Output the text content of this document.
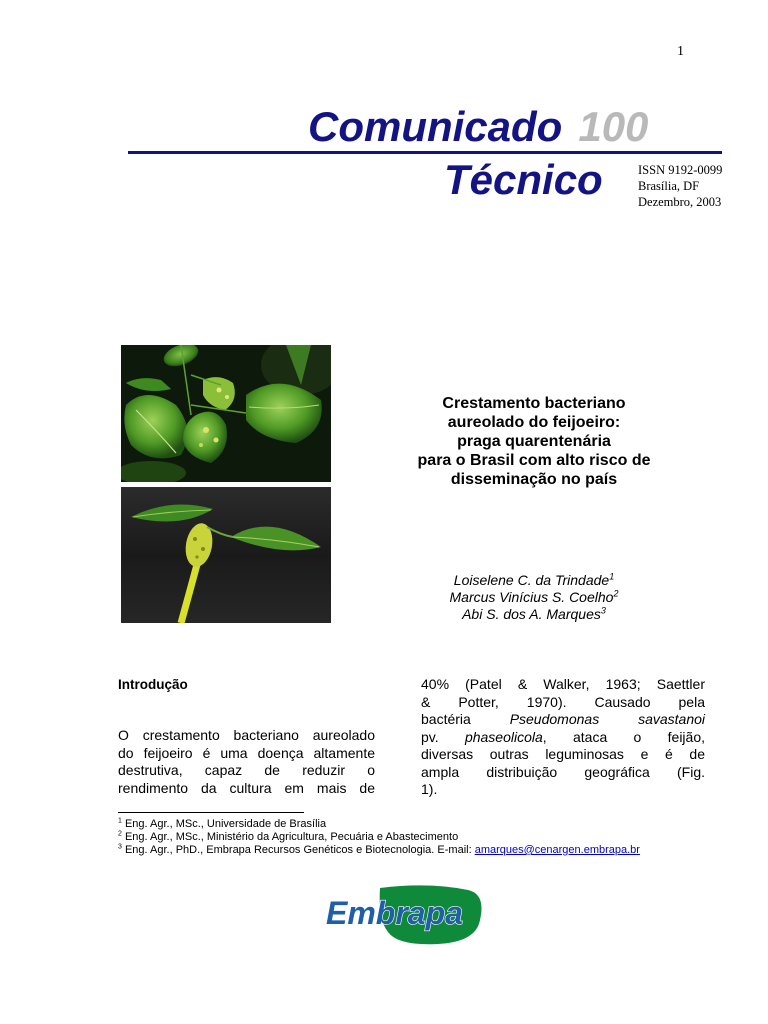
1
Comunicado 100
Técnico	ISSN 9192-0099
Brasília, DF
Dezembro, 2003
Crestamento bacteriano
aureolado do feijoeiro:
praga quarentenária
para o Brasil com alto risco de
disseminação no país
Loiselene C. da Trindade$^1$
Marcus Vinícius S. Coelho$^2$
Abi S. dos A. Marques$^3$
Introdução
O crestamento bacteriano aureolado
do feijoeiro é uma doença altamente
destrutiva, capaz de reduzir o
rendimento da cultura em mais de
40% (Patel & Walker, 1963; Saettler
& Potter, 1970). Causado pela
bactéria Pseudomonas savastanoi
pv. phaseolicola, ataca o feijão,
diversas outras leguminosas e é de
ampla distribuição geográfica (Fig.
1).
$^1$ Eng. Agr., MSc., Universidade de Brasília
$^2$ Eng. Agr., MSc., Ministério da Agricultura, Pecuária e Abastecimento
$^3$ Eng. Agr., PhD., Embrapa Recursos Genéticos e Biotecnologia. E-mail: amarques@cenargen.embrapa.br
Embrapa
